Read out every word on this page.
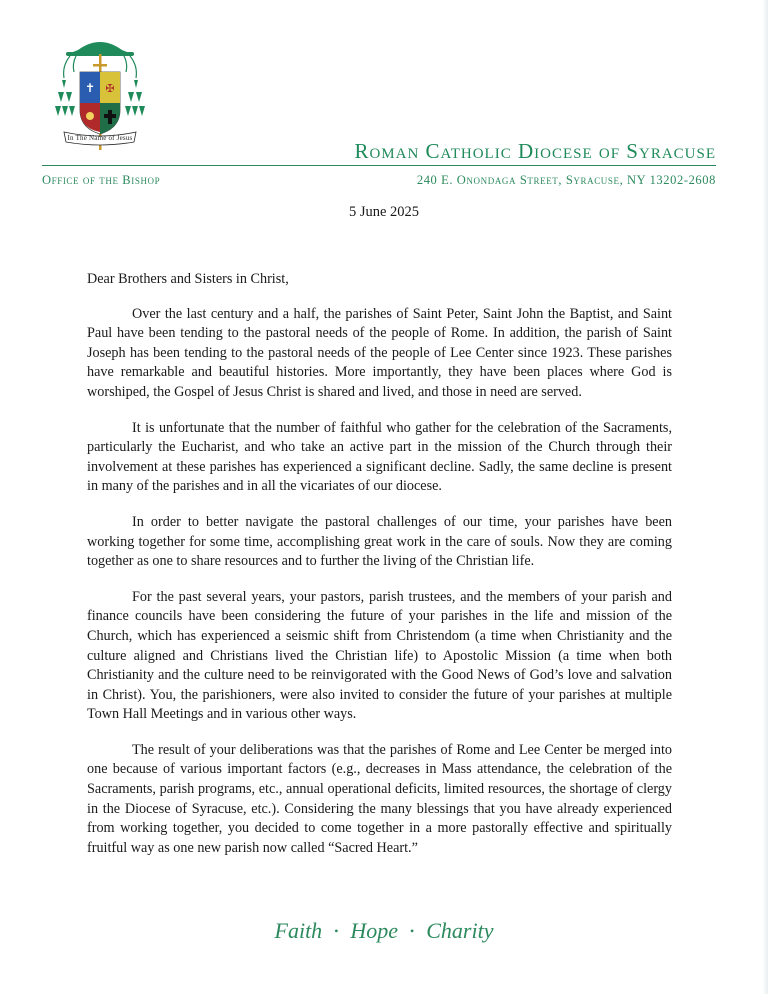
✝ ✠
In The Name of Jesus
Roman Catholic Diocese of Syracuse
Office of the Bishop	240 E. Onondaga Street, Syracuse, NY 13202-2608
5 June 2025

Dear Brothers and Sisters in Christ,

Over the last century and a half, the parishes of Saint Peter, Saint John the Baptist, and Saint Paul have been tending to the pastoral needs of the people of Rome. In addition, the parish of Saint Joseph has been tending to the pastoral needs of the people of Lee Center since 1923. These parishes have remarkable and beautiful histories. More importantly, they have been places where God is worshiped, the Gospel of Jesus Christ is shared and lived, and those in need are served.

It is unfortunate that the number of faithful who gather for the celebration of the Sacraments, particularly the Eucharist, and who take an active part in the mission of the Church through their involvement at these parishes has experienced a significant decline. Sadly, the same decline is present in many of the parishes and in all the vicariates of our diocese.

In order to better navigate the pastoral challenges of our time, your parishes have been working together for some time, accomplishing great work in the care of souls. Now they are coming together as one to share resources and to further the living of the Christian life.

For the past several years, your pastors, parish trustees, and the members of your parish and finance councils have been considering the future of your parishes in the life and mission of the Church, which has experienced a seismic shift from Christendom (a time when Christianity and the culture aligned and Christians lived the Christian life) to Apostolic Mission (a time when both Christianity and the culture need to be reinvigorated with the Good News of God’s love and salvation in Christ). You, the parishioners, were also invited to consider the future of your parishes at multiple Town Hall Meetings and in various other ways.

The result of your deliberations was that the parishes of Rome and Lee Center be merged into one because of various important factors (e.g., decreases in Mass attendance, the celebration of the Sacraments, parish programs, etc., annual operational deficits, limited resources, the shortage of clergy in the Diocese of Syracuse, etc.). Considering the many blessings that you have already experienced from working together, you decided to come together in a more pastorally effective and spiritually fruitful way as one new parish now called “Sacred Heart.”

Faith • Hope • Charity
